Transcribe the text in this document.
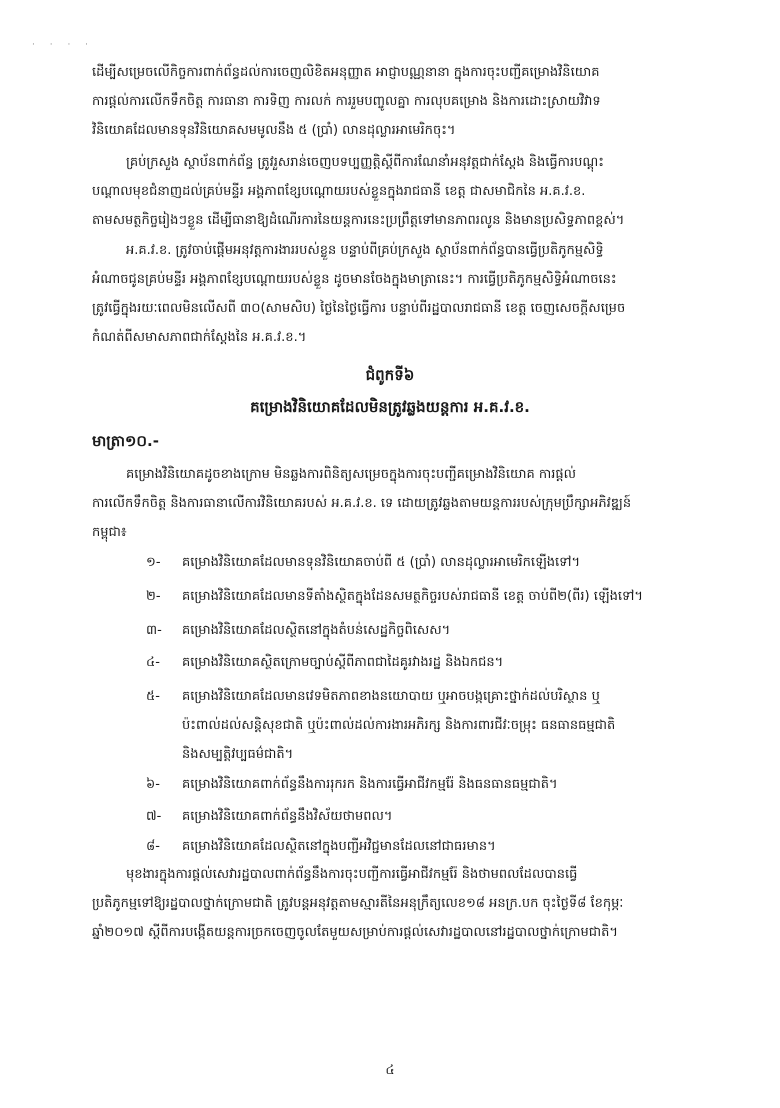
· · · ·
ដើម្បីសម្រេចលើកិច្ចការពាក់ព័ន្ធដល់ការចេញលិខិតអនុញ្ញាត អាជ្ញាបណ្ណនានា ក្នុងការចុះបញ្ជីគម្រោងវិនិយោគ
ការផ្តល់ការលើកទឹកចិត្ត ការធានា ការទិញ ការលក់ ការរួមបញ្ចូលគ្នា ការលុបគម្រោង និងការដោះស្រាយវិវាទ
វិនិយោគដែលមានទុនវិនិយោគសមមូលនឹង ៥ (ប្រាំ) លានដុល្លារអាមេរិកចុះ។
គ្រប់ក្រសួង ស្ថាប័នពាក់ព័ន្ធ ត្រូវរួសរាន់ចេញបទប្បញ្ញត្តិស្តីពីការណែនាំអនុវត្តជាក់ស្តែង និងធ្វើការបណ្តុះ
បណ្តាលមុខជំនាញដល់គ្រប់មន្ទីរ អង្គភាពខ្សែបណ្តោយរបស់ខ្លួនក្នុងរាជធានី ខេត្ត ជាសមាជិកនៃ អ.គ.វ.ខ.
តាមសមត្ថកិច្ចរៀងៗខ្លួន ដើម្បីធានាឱ្យដំណើរការនៃយន្តការនេះប្រព្រឹត្តទៅមានភាពរលូន និងមានប្រសិទ្ធភាពខ្ពស់។
អ.គ.វ.ខ. ត្រូវចាប់ផ្តើមអនុវត្តការងាររបស់ខ្លួន បន្ទាប់ពីគ្រប់ក្រសួង ស្ថាប័នពាក់ព័ន្ធបានធ្វើប្រតិភូកម្មសិទ្ធិ
អំណាចជូនគ្រប់មន្ទីរ អង្គភាពខ្សែបណ្តោយរបស់ខ្លួន ដូចមានចែងក្នុងមាត្រានេះ។ ការធ្វើប្រតិភូកម្មសិទ្ធិអំណាចនេះ
ត្រូវធ្វើក្នុងរយៈពេលមិនលើសពី ៣០(សាមសិប) ថ្ងៃនៃថ្ងៃធ្វើការ បន្ទាប់ពីរដ្ឋបាលរាជធានី ខេត្ត ចេញសេចក្តីសម្រេច
កំណត់ពីសមាសភាពជាក់ស្តែងនៃ អ.គ.វ.ខ.។
ជំពូកទី៦
គម្រោងវិនិយោគដែលមិនត្រូវឆ្លងយន្តការ អ.គ.វ.ខ.
មាត្រា១០.-
គម្រោងវិនិយោគដូចខាងក្រោម មិនឆ្លងការពិនិត្យសម្រេចក្នុងការចុះបញ្ជីគម្រោងវិនិយោគ ការផ្តល់
ការលើកទឹកចិត្ត និងការធានាលើការវិនិយោគរបស់ អ.គ.វ.ខ. ទេ ដោយត្រូវឆ្លងតាមយន្តការរបស់ក្រុមប្រឹក្សាអភិវឌ្ឍន៍
កម្ពុជា៖
១- គម្រោងវិនិយោគដែលមានទុនវិនិយោគចាប់ពី ៥ (ប្រាំ) លានដុល្លារអាមេរិកឡើងទៅ។
២- គម្រោងវិនិយោគដែលមានទីតាំងស្ថិតក្នុងដែនសមត្ថកិច្ចរបស់រាជធានី ខេត្ត ចាប់ពី២(ពីរ) ឡើងទៅ។
៣- គម្រោងវិនិយោគដែលស្ថិតនៅក្នុងតំបន់សេដ្ឋកិច្ចពិសេស។
៤- គម្រោងវិនិយោគស្ថិតក្រោមច្បាប់ស្តីពីភាពជាដៃគូរវាងរដ្ឋ និងឯកជន។
៥- គម្រោងវិនិយោគដែលមានវេទមិតភាពខាងនយោបាយ ឬអាចបង្កគ្រោះថ្នាក់ដល់បរិស្ថាន ឬ
ប៉ះពាល់ដល់សន្តិសុខជាតិ ឬប៉ះពាល់ដល់ការងារអភិរក្ស និងការពារជីវៈចម្រុះ ធនធានធម្មជាតិ
និងសម្បត្តិវប្បធម៌ជាតិ។
៦- គម្រោងវិនិយោគពាក់ព័ន្ធនឹងការរុករក និងការធ្វើអាជីវកម្មរ៉ែ និងធនធានធម្មជាតិ។
៧- គម្រោងវិនិយោគពាក់ព័ន្ធនឹងវិស័យថាមពល។
៨- គម្រោងវិនិយោគដែលស្ថិតនៅក្នុងបញ្ជីអវិជ្ជមានដែលនៅជាធរមាន។
មុខងារក្នុងការផ្តល់សេវារដ្ឋបាលពាក់ព័ន្ធនឹងការចុះបញ្ជីការធ្វើអាជីវកម្មរ៉ែ និងថាមពលដែលបានធ្វើ
ប្រតិភូកម្មទៅឱ្យរដ្ឋបាលថ្នាក់ក្រោមជាតិ ត្រូវបន្តអនុវត្តតាមស្មារតីនៃអនុក្រឹត្យលេខ១៨ អនក្រ.បក ចុះថ្ងៃទី៨ ខែកុម្ភៈ
ឆ្នាំ២០១៧ ស្តីពីការបង្កើតយន្តការច្រកចេញចូលតែមួយសម្រាប់ការផ្តល់សេវារដ្ឋបាលនៅរដ្ឋបាលថ្នាក់ក្រោមជាតិ។
៤
